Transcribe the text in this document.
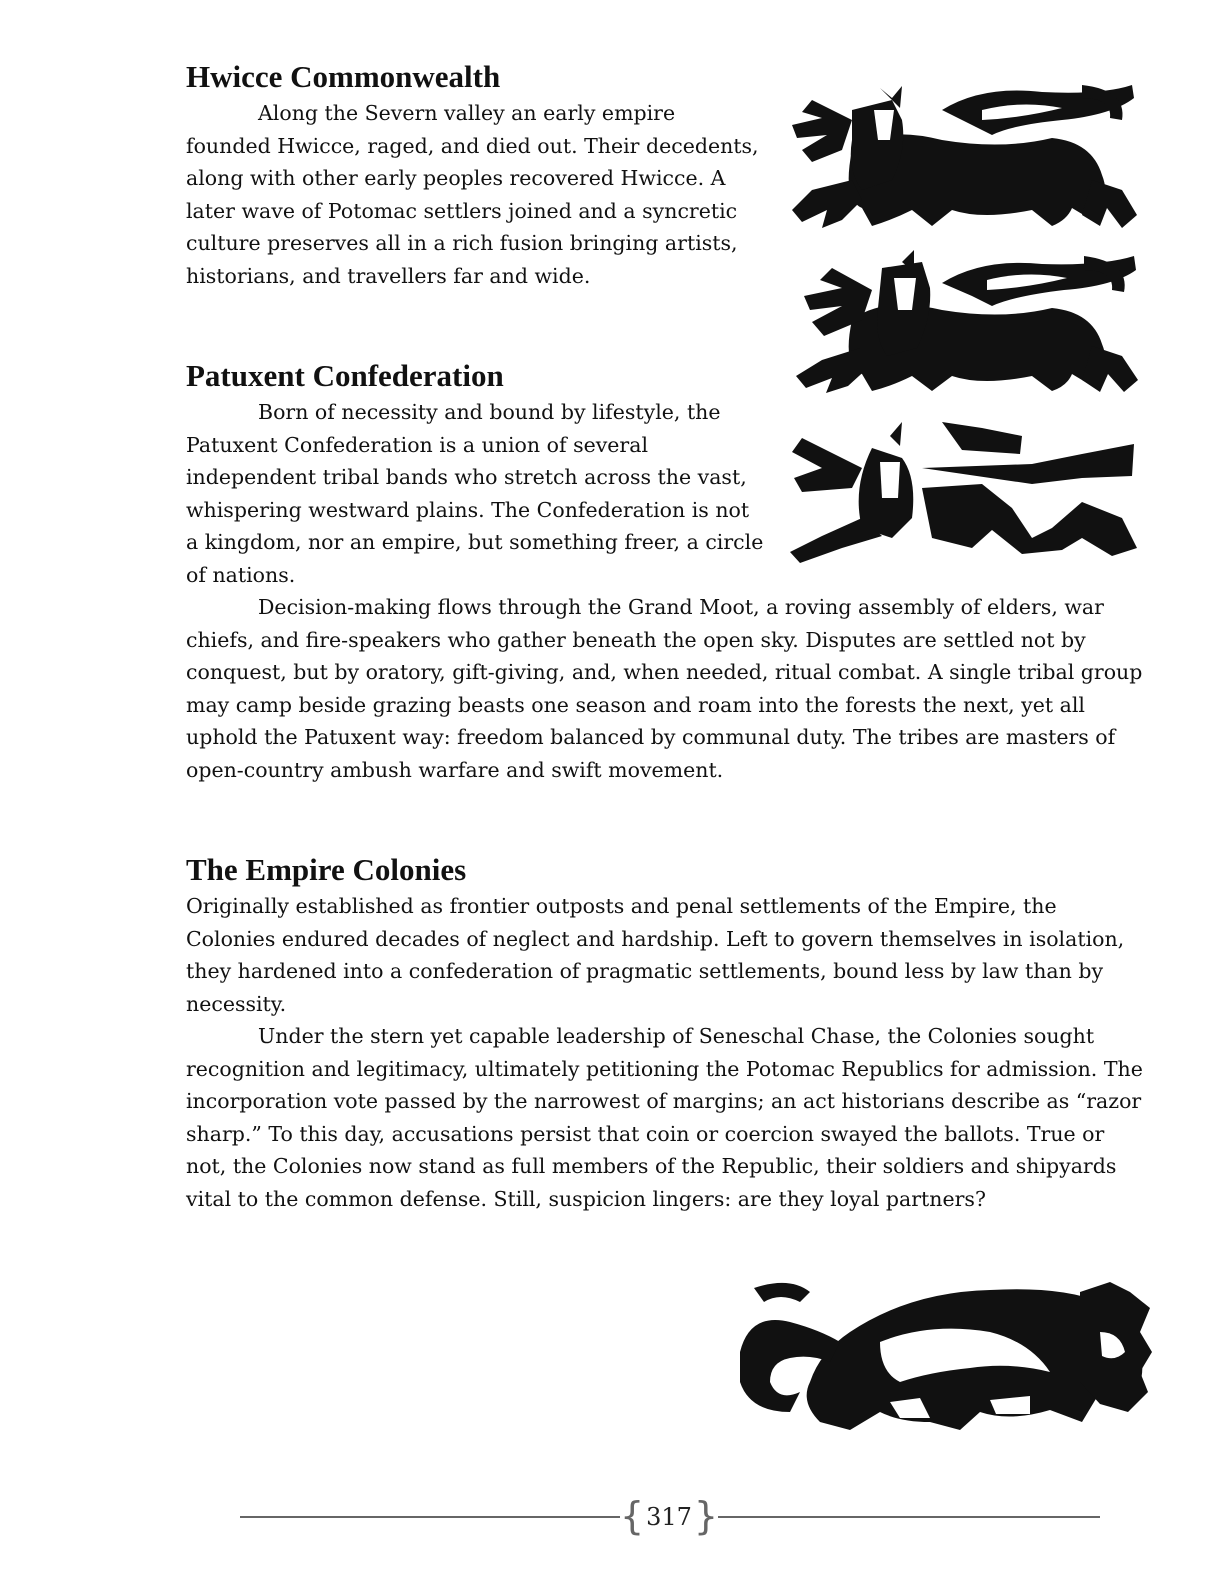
Hwicce Commonwealth

Along the Severn valley an early empire founded Hwicce, raged, and died out. Their decedents, along with other early peoples recovered Hwicce. A later wave of Potomac settlers joined and a syncretic culture preserves all in a rich fusion bringing artists, historians, and travellers far and wide.

Patuxent Confederation

Born of necessity and bound by lifestyle, the Patuxent Confederation is a union of several independent tribal bands who stretch across the vast, whispering westward plains. The Confederation is not a kingdom, nor an empire, but something freer, a circle of nations.

Decision-making flows through the Grand Moot, a roving assembly of elders, war chiefs, and fire-speakers who gather beneath the open sky. Disputes are settled not by conquest, but by oratory, gift-giving, and, when needed, ritual combat. A single tribal group may camp beside grazing beasts one season and roam into the forests the next, yet all uphold the Patuxent way: freedom balanced by communal duty. The tribes are masters of open-country ambush warfare and swift movement.

The Empire Colonies

Originally established as frontier outposts and penal settlements of the Empire, the Colonies endured decades of neglect and hardship. Left to govern themselves in isolation, they hardened into a confederation of pragmatic settlements, bound less by law than by necessity.

Under the stern yet capable leadership of Seneschal Chase, the Colonies sought recognition and legitimacy, ultimately petitioning the Potomac Republics for admission. The incorporation vote passed by the narrowest of margins; an act historians describe as “razor sharp.” To this day, accusations persist that coin or coercion swayed the ballots. True or not, the Colonies now stand as full members of the Republic, their soldiers and shipyards vital to the common defense. Still, suspicion lingers: are they loyal partners?

{ 317 }
